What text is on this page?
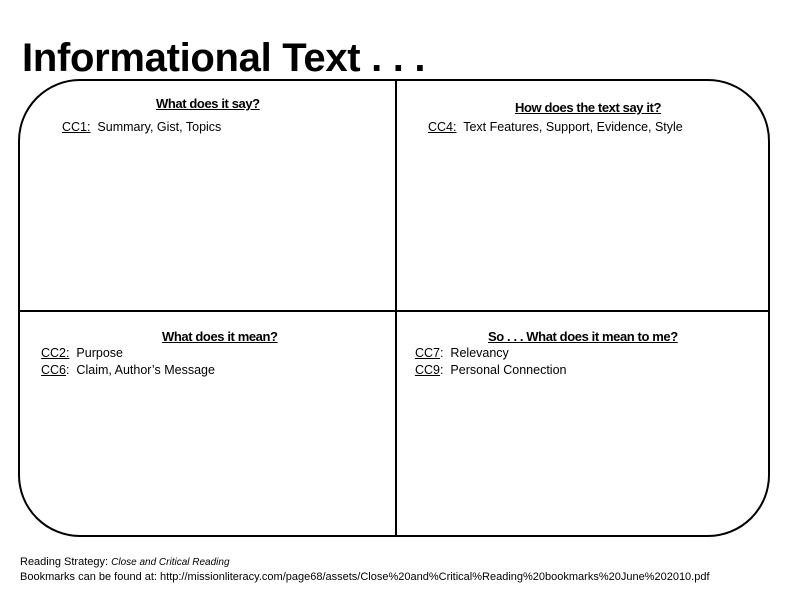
Informational Text . . .
What does it say?
CC1:  Summary, Gist, Topics
How does the text say it?
CC4:  Text Features, Support, Evidence, Style
What does it mean?
CC2:  Purpose
CC6:  Claim, Author’s Message
So . . . What does it mean to me?
CC7:  Relevancy
CC9:  Personal Connection
Reading Strategy: Close and Critical Reading
Bookmarks can be found at: http://missionliteracy.com/page68/assets/Close%20and%Critical%Reading%20bookmarks%20June%202010.pdf
